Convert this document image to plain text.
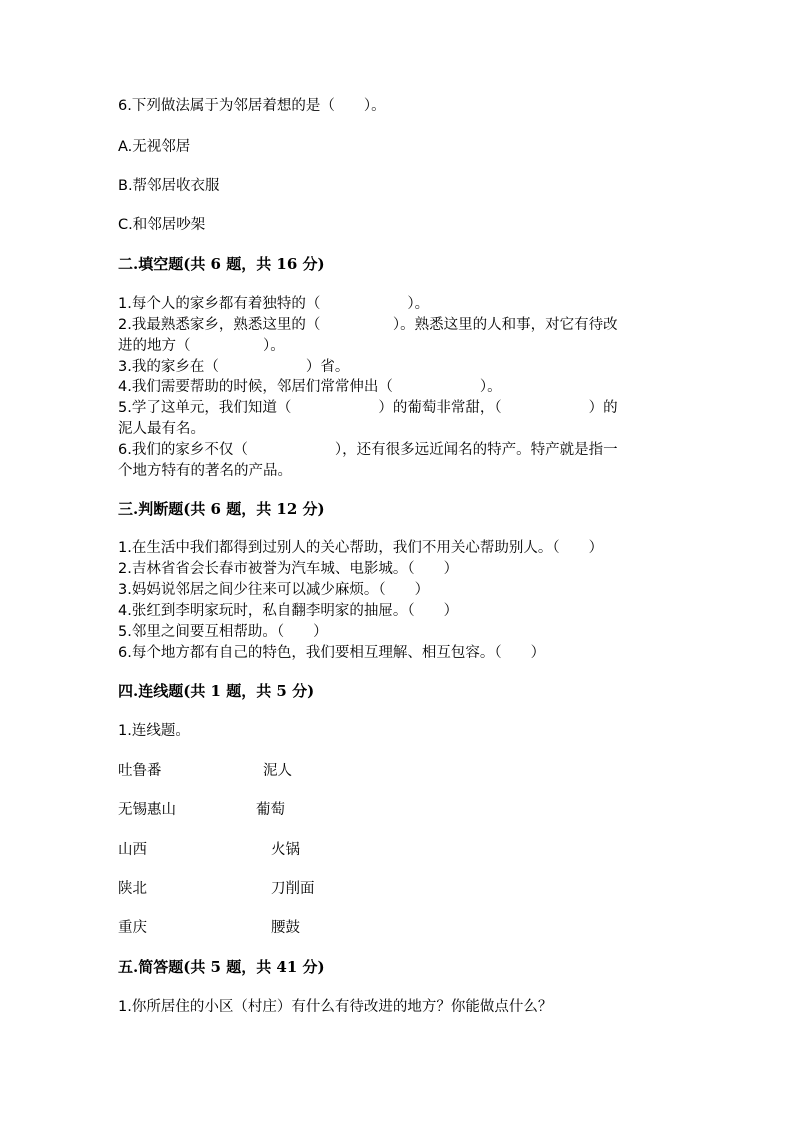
6.下列做法属于为邻居着想的是（　　）。
A.无视邻居
B.帮邻居收衣服
C.和邻居吵架
二.填空题(共 6 题，共 16 分)
1.每个人的家乡都有着独特的（　　　　　　）。
2.我最熟悉家乡，熟悉这里的（　　　　　）。熟悉这里的人和事，对它有待改
进的地方（　　　　　）。
3.我的家乡在（　　　　　　）省。
4.我们需要帮助的时候，邻居们常常伸出（　　　　　　）。
5.学了这单元，我们知道（　　　　　　）的葡萄非常甜，（　　　　　　）的
泥人最有名。
6.我们的家乡不仅（　　　　　　），还有很多远近闻名的特产。特产就是指一
个地方特有的著名的产品。
三.判断题(共 6 题，共 12 分)
1.在生活中我们都得到过别人的关心帮助，我们不用关心帮助别人。（　　）
2.吉林省省会长春市被誉为汽车城、电影城。（　　）
3.妈妈说邻居之间少往来可以减少麻烦。（　　）
4.张红到李明家玩时，私自翻李明家的抽屉。（　　）
5.邻里之间要互相帮助。（　　）
6.每个地方都有自己的特色，我们要相互理解、相互包容。（　　）
四.连线题(共 1 题，共 5 分)
1.连线题。
吐鲁番	泥人
无锡惠山	葡萄
山西	火锅
陕北	刀削面
重庆	腰鼓
五.简答题(共 5 题，共 41 分)
1.你所居住的小区（村庄）有什么有待改进的地方？你能做点什么？
